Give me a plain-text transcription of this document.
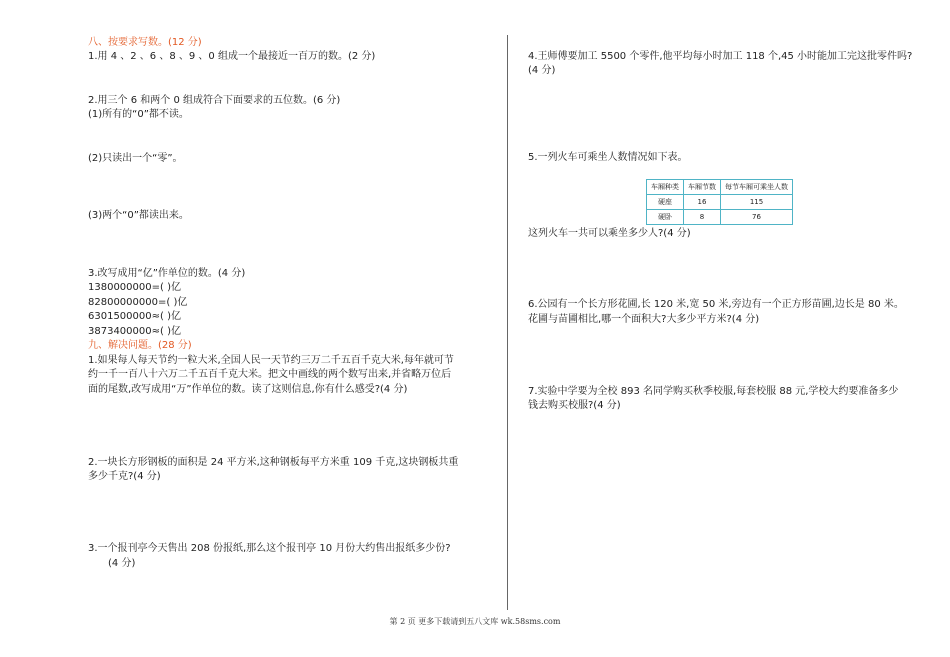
八、按要求写数。(12 分)
1.用 4 、2 、6 、8 、9 、0 组成一个最接近一百万的数。(2 分)
2.用三个 6 和两个 0 组成符合下面要求的五位数。(6 分)
(1)所有的“0”都不读。
(2)只读出一个“零”。
(3)两个“0”都读出来。
3.改写成用“亿”作单位的数。(4 分)
1380000000=( )亿
82800000000=( )亿
6301500000≈( )亿
3873400000≈( )亿
九、解决问题。(28 分)
1.如果每人每天节约一粒大米,全国人民一天节约三万二千五百千克大米,每年就可节
约一千一百八十六万二千五百千克大米。把文中画线的两个数写出来,并省略万位后
面的尾数,改写成用“万”作单位的数。读了这则信息,你有什么感受?(4 分)
2.一块长方形钢板的面积是 24 平方米,这种钢板每平方米重 109 千克,这块钢板共重
多少千克?(4 分)
3.一个报刊亭今天售出 208 份报纸,那么这个报刊亭 10 月份大约售出报纸多少份?
(4 分)
4.王师傅要加工 5500 个零件,他平均每小时加工 118 个,45 小时能加工完这批零件吗?
(4 分)
5.一列火车可乘坐人数情况如下表。
车厢种类	车厢节数	每节车厢可乘坐人数
硬座	16	115
硬卧	8	76
这列火车一共可以乘坐多少人?(4 分)
6.公园有一个长方形花圃,长 120 米,宽 50 米,旁边有一个正方形苗圃,边长是 80 米。
花圃与苗圃相比,哪一个面积大?大多少平方米?(4 分)
7.实验中学要为全校 893 名同学购买秋季校服,每套校服 88 元,学校大约要准备多少
钱去购买校服?(4 分)
第 2 页 更多下载请到五八文库 wk.58sms.com
